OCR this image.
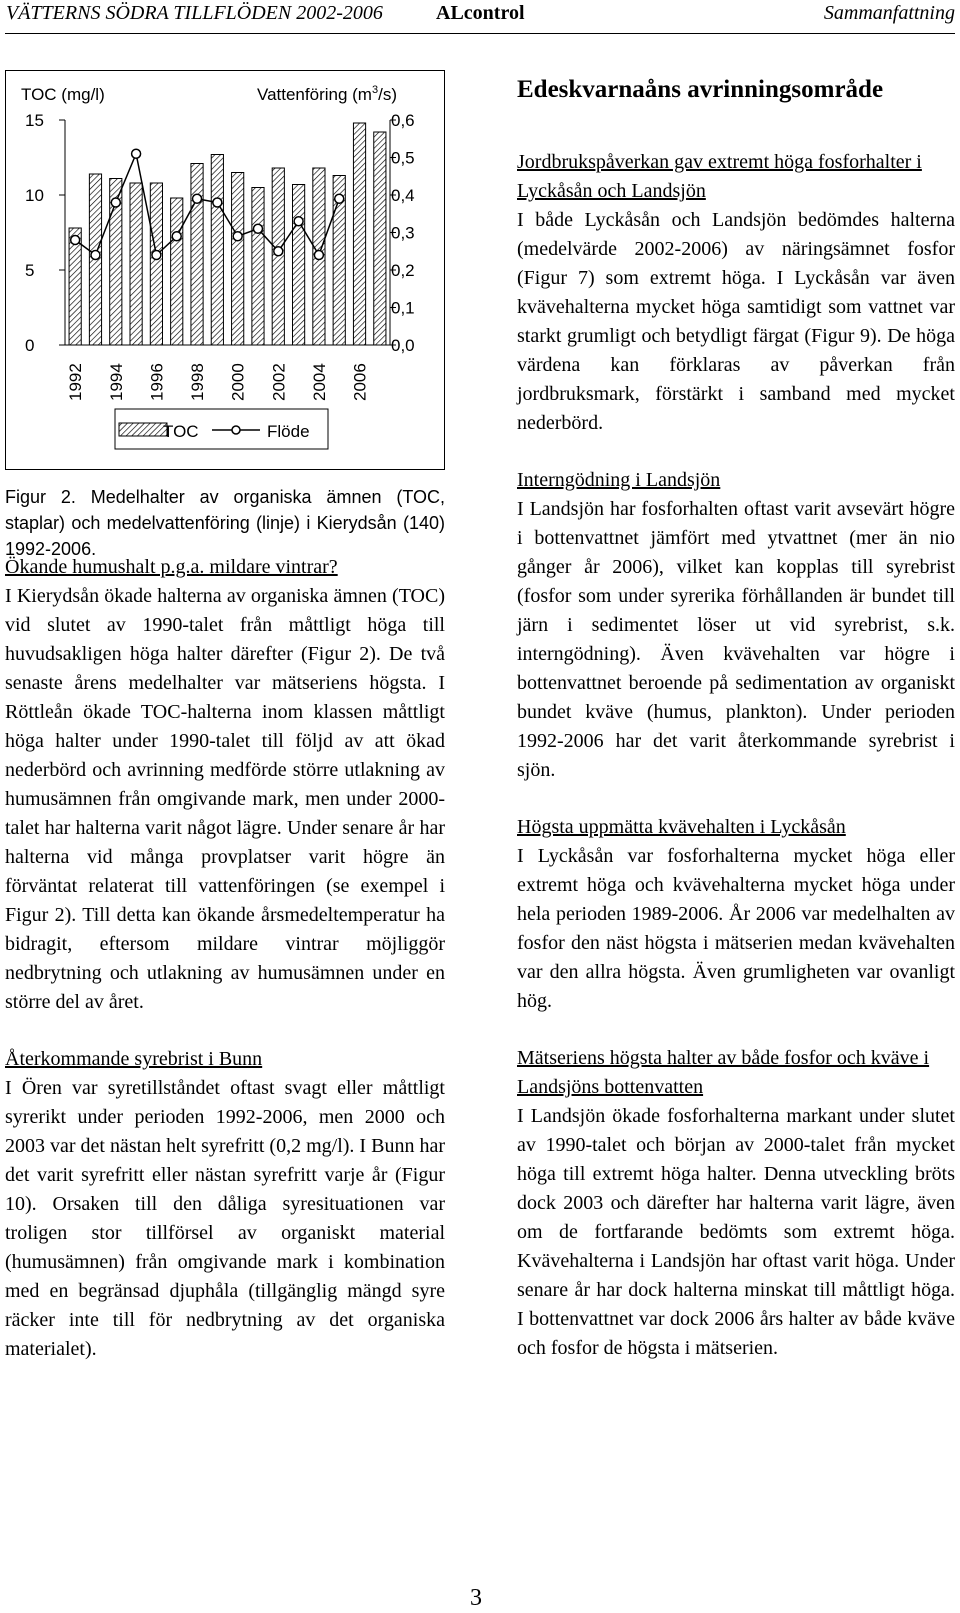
VÄTTERNS SÖDRA TILLFLÖDEN 2002-2006	ALcontrol	Sammanfattning
TOC (mg/l)	Vattenföring $(m^3/s)$
0
5
10
15
0,0
0,1
0,2
0,3
0,4
0,5
0,6
1992 1994 1996 1998 2000 2002 2004 2006
TOC	Flöde
Figur 2. Medelhalter av organiska ämnen (TOC, staplar) och medelvattenföring (linje) i Kierydsån (140) 1992-2006.
Ökande humushalt p.g.a. mildare vintrar?

I Kierydsån ökade halterna av organiska ämnen (TOC) vid slutet av 1990-talet från måttligt höga till huvudsakligen höga halter därefter (Figur 2). De två senaste årens medelhalter var mätseriens högsta. I Röttleån ökade TOC-halterna inom klassen måttligt höga halter under 1990-talet till följd av att ökad nederbörd och avrinning medförde större utlakning av humusämnen från omgivande mark, men under 2000-talet har halterna varit något lägre. Under senare år har halterna vid många provplatser varit högre än förväntat relaterat till vattenföringen (se exempel i Figur 2). Till detta kan ökande årsmedeltemperatur ha bidragit, eftersom mildare vintrar möjliggör nedbrytning och utlakning av humusämnen under en större del av året.

Återkommande syrebrist i Bunn

I Ören var syretillståndet oftast svagt eller måttligt syrerikt under perioden 1992-2006, men 2000 och 2003 var det nästan helt syrefritt (0,2 mg/l). I Bunn har det varit syrefritt eller nästan syrefritt varje år (Figur 10). Orsaken till den dåliga syresituationen var troligen stor tillförsel av organiskt material (humusämnen) från omgivande mark i kombination med en begränsad djuphåla (tillgänglig mängd syre räcker inte till för nedbrytning av det organiska materialet).

Edeskvarnaåns avrinningsområde
Jordbrukspåverkan gav extremt höga fosforhalter i Lyckåsån och Landsjön

I både Lyckåsån och Landsjön bedömdes halterna (medelvärde 2002-2006) av näringsämnet fosfor (Figur 7) som extremt höga. I Lyckåsån var även kvävehalterna mycket höga samtidigt som vattnet var starkt grumligt och betydligt färgat (Figur 9). De höga värdena kan förklaras av påverkan från jordbruksmark, förstärkt i samband med mycket nederbörd.

Interngödning i Landsjön

I Landsjön har fosforhalten oftast varit avsevärt högre i bottenvattnet jämfört med ytvattnet (mer än nio gånger år 2006), vilket kan kopplas till syrebrist (fosfor som under syrerika förhållanden är bundet till järn i sedimentet löser ut vid syrebrist, s.k. interngödning). Även kvävehalten var högre i bottenvattnet beroende på sedimentation av organiskt bundet kväve (humus, plankton). Under perioden 1992-2006 har det varit återkommande syrebrist i sjön.

Högsta uppmätta kvävehalten i Lyckåsån

I Lyckåsån var fosforhalterna mycket höga eller extremt höga och kvävehalterna mycket höga under hela perioden 1989-2006. År 2006 var medelhalten av fosfor den näst högsta i mätserien medan kvävehalten var den allra högsta. Även grumligheten var ovanligt hög.

Mätseriens högsta halter av både fosfor och kväve i Landsjöns bottenvatten

I Landsjön ökade fosforhalterna markant under slutet av 1990-talet och början av 2000-talet från mycket höga till extremt höga halter. Denna utveckling bröts dock 2003 och därefter har halterna varit lägre, även om de fortfarande bedömts som extremt höga. Kvävehalterna i Landsjön har oftast varit höga. Under senare år har dock halterna minskat till måttligt höga. I bottenvattnet var dock 2006 års halter av både kväve och fosfor de högsta i mätserien.

3
